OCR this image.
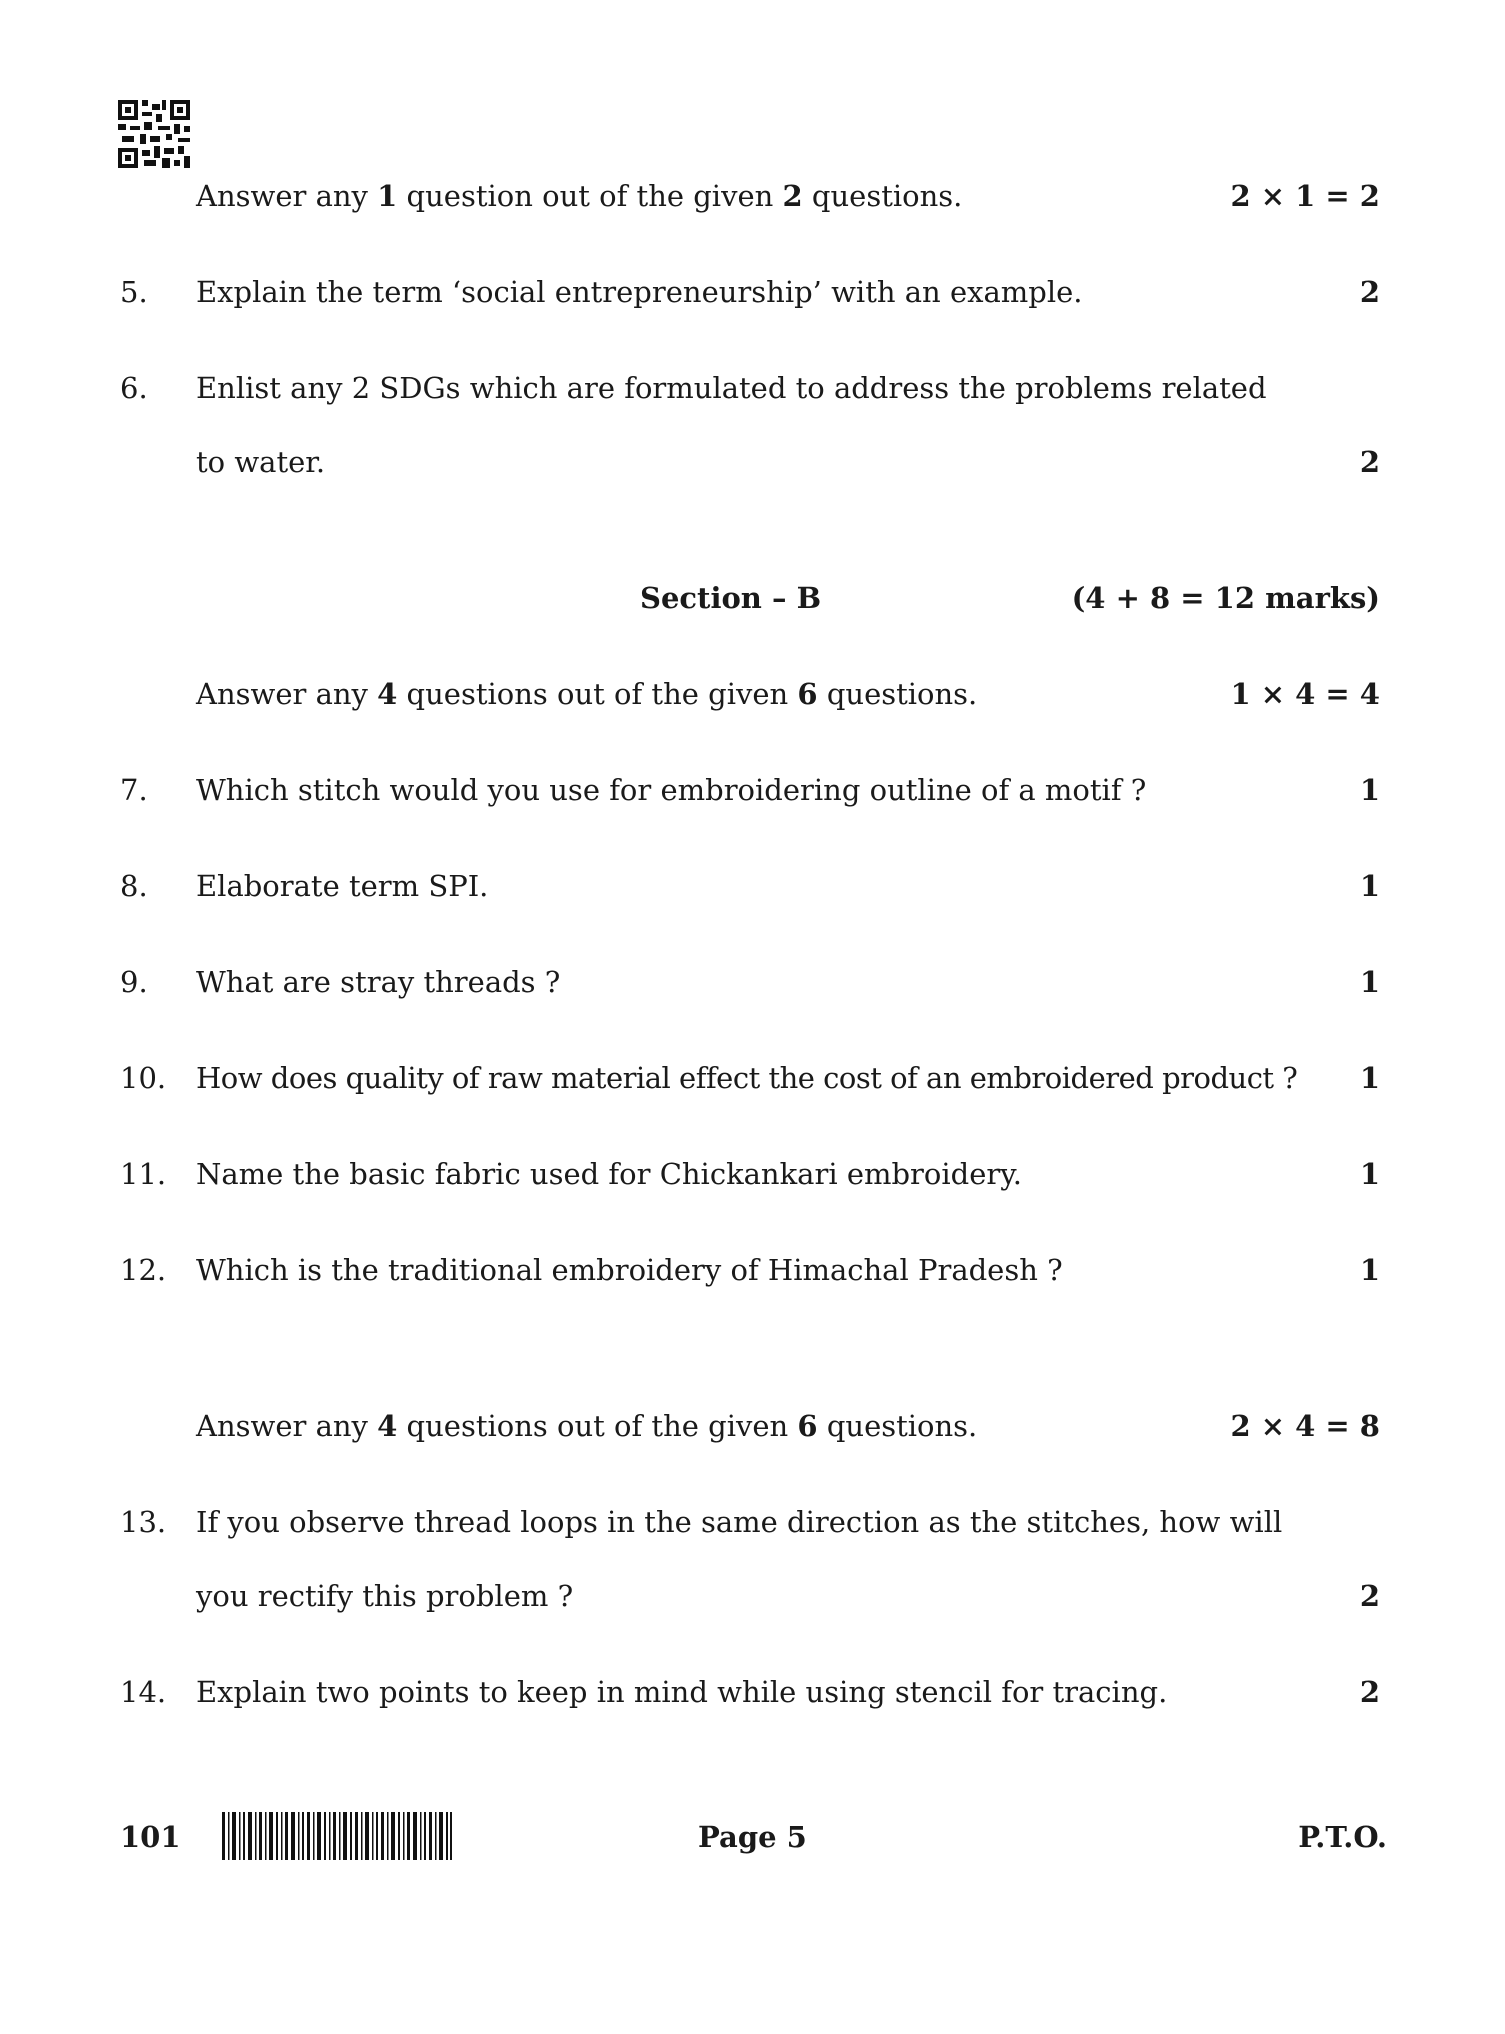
Answer any 1 question out of the given 2 questions.	2 × 1 = 2
5. Explain the term ‘social entrepreneurship’ with an example.	2
6. Enlist any 2 SDGs which are formulated to address the problems related
to water.	2
Section – B	(4 + 8 = 12 marks)
Answer any 4 questions out of the given 6 questions.	1 × 4 = 4
7. Which stitch would you use for embroidering outline of a motif ?	1
8. Elaborate term SPI.	1
9. What are stray threads ?	1
10. How does quality of raw material effect the cost of an embroidered product ? 1
11. Name the basic fabric used for Chickankari embroidery.	1
12. Which is the traditional embroidery of Himachal Pradesh ?	1
Answer any 4 questions out of the given 6 questions.	2 × 4 = 8
13. If you observe thread loops in the same direction as the stitches, how will
you rectify this problem ?	2
14. Explain two points to keep in mind while using stencil for tracing.	2
101	Page 5	P.T.O.
